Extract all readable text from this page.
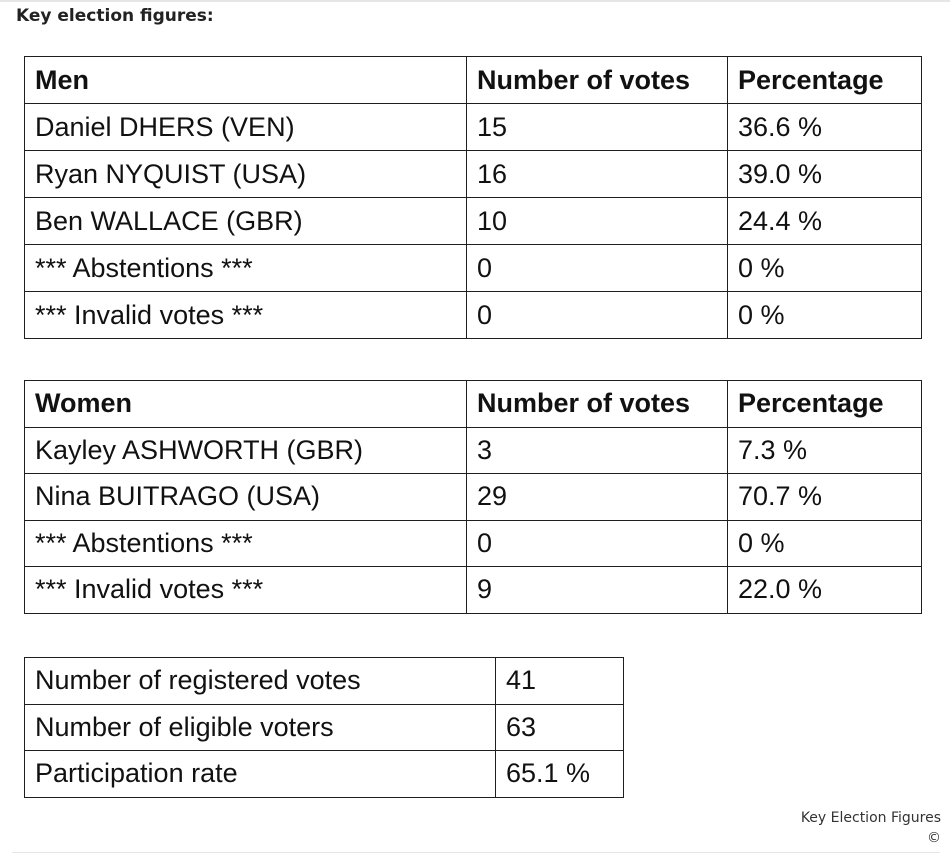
Key election figures:
Men	Number of votes	Percentage
Daniel DHERS (VEN)	15	36.6 %
Ryan NYQUIST (USA)	16	39.0 %
Ben WALLACE (GBR)	10	24.4 %
*** Abstentions ***	0	0 %
*** Invalid votes ***	0	0 %
Women	Number of votes	Percentage
Kayley ASHWORTH (GBR)	3	7.3 %
Nina BUITRAGO (USA)	29	70.7 %
*** Abstentions ***	0	0 %
*** Invalid votes ***	9	22.0 %
Number of registered votes	41
Number of eligible voters	63
Participation rate	65.1 %
Key Election Figures
©
